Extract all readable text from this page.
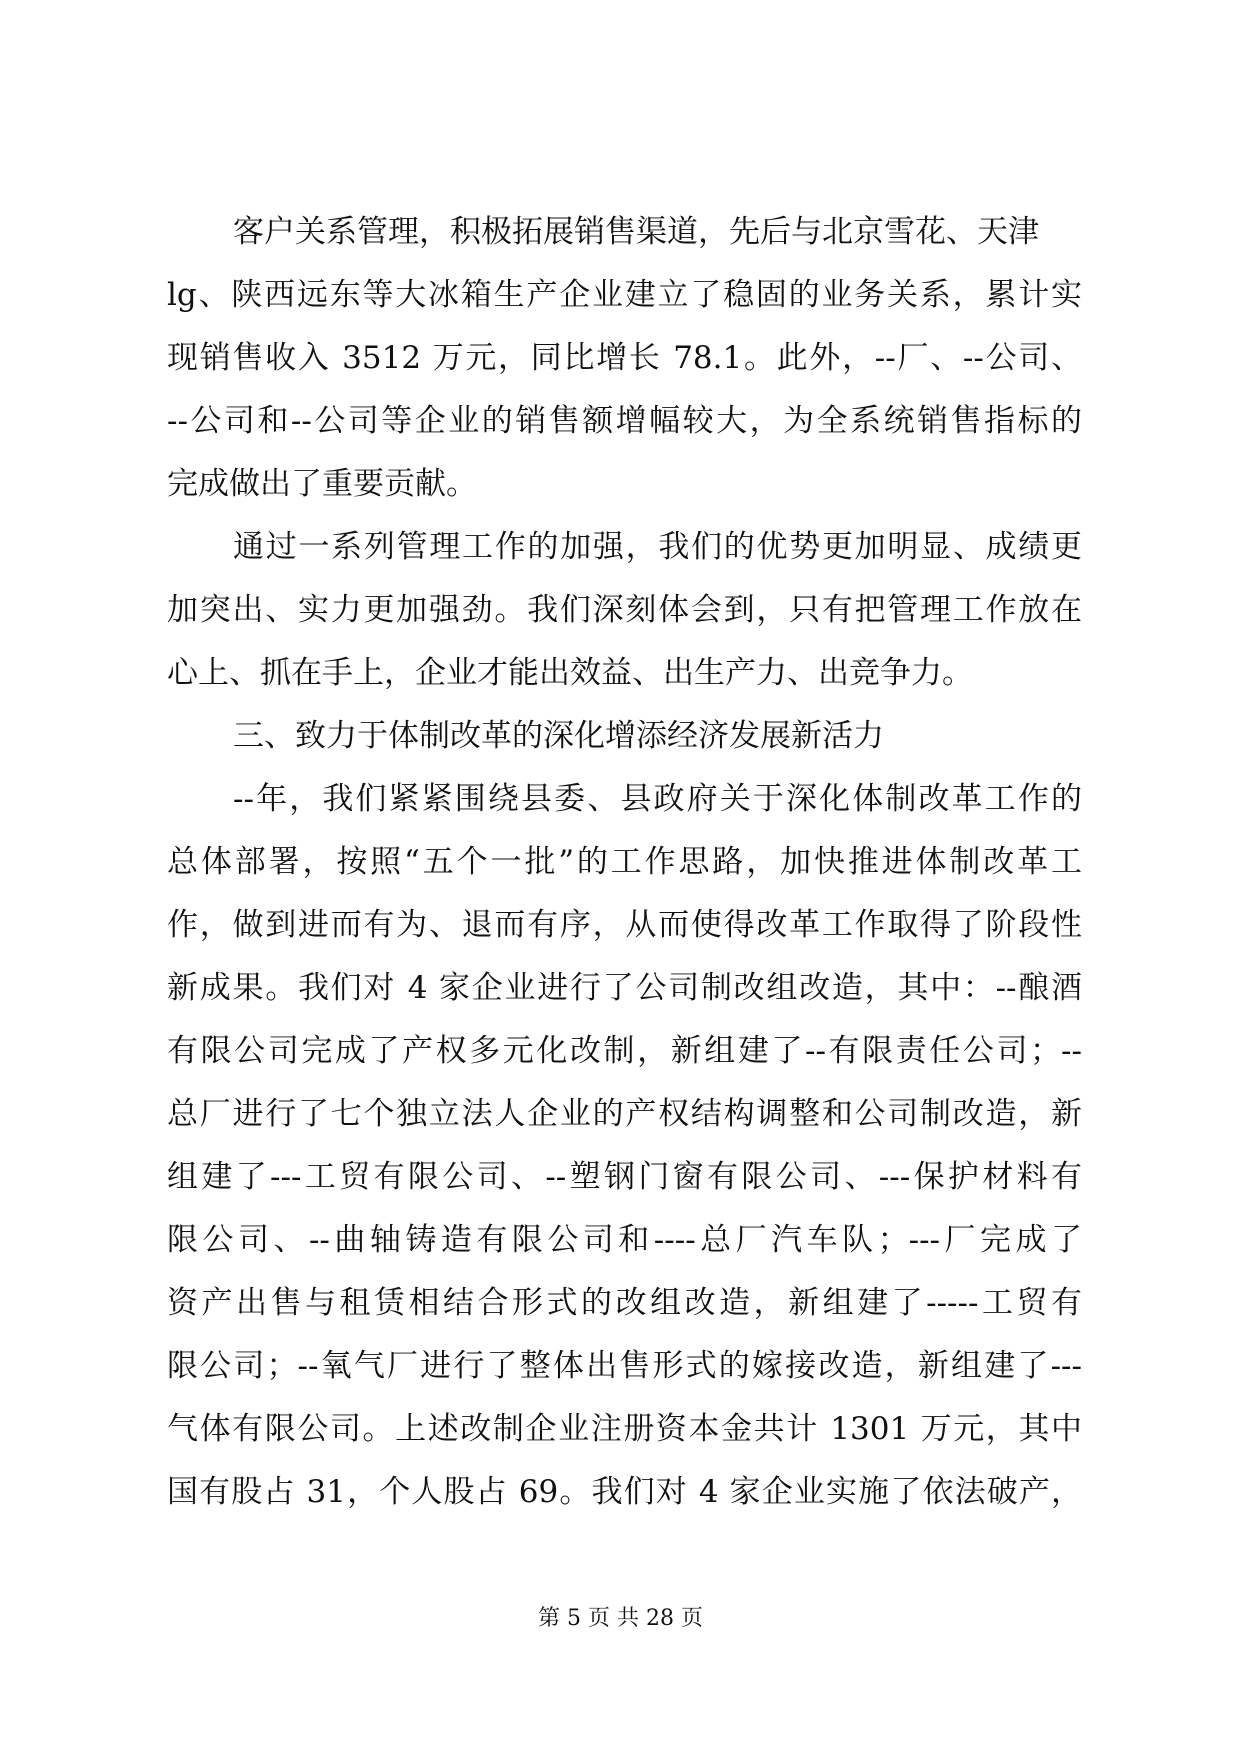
客户关系管理，积极拓展销售渠道，先后与北京雪花、天津
lg、陕西远东等大冰箱生产企业建立了稳固的业务关系，累计实
现销售收入 3512 万元，同比增长 78.1。此外，--厂、--公司、
--公司和--公司等企业的销售额增幅较大，为全系统销售指标的
完成做出了重要贡献。
通过一系列管理工作的加强，我们的优势更加明显、成绩更
加突出、实力更加强劲。我们深刻体会到，只有把管理工作放在
心上、抓在手上，企业才能出效益、出生产力、出竞争力。
三、致力于体制改革的深化增添经济发展新活力
--年，我们紧紧围绕县委、县政府关于深化体制改革工作的
总体部署，按照“五个一批”的工作思路，加快推进体制改革工
作，做到进而有为、退而有序，从而使得改革工作取得了阶段性
新成果。我们对 4 家企业进行了公司制改组改造，其中：--酿酒
有限公司完成了产权多元化改制，新组建了--有限责任公司；--
总厂进行了七个独立法人企业的产权结构调整和公司制改造，新
组建了---工贸有限公司、--塑钢门窗有限公司、---保护材料有
限公司、--曲轴铸造有限公司和----总厂汽车队；---厂完成了
资产出售与租赁相结合形式的改组改造，新组建了-----工贸有
限公司；--氧气厂进行了整体出售形式的嫁接改造，新组建了---
气体有限公司。上述改制企业注册资本金共计 1301 万元，其中
国有股占 31，个人股占 69。我们对 4 家企业实施了依法破产，
第 5 页 共 28 页
